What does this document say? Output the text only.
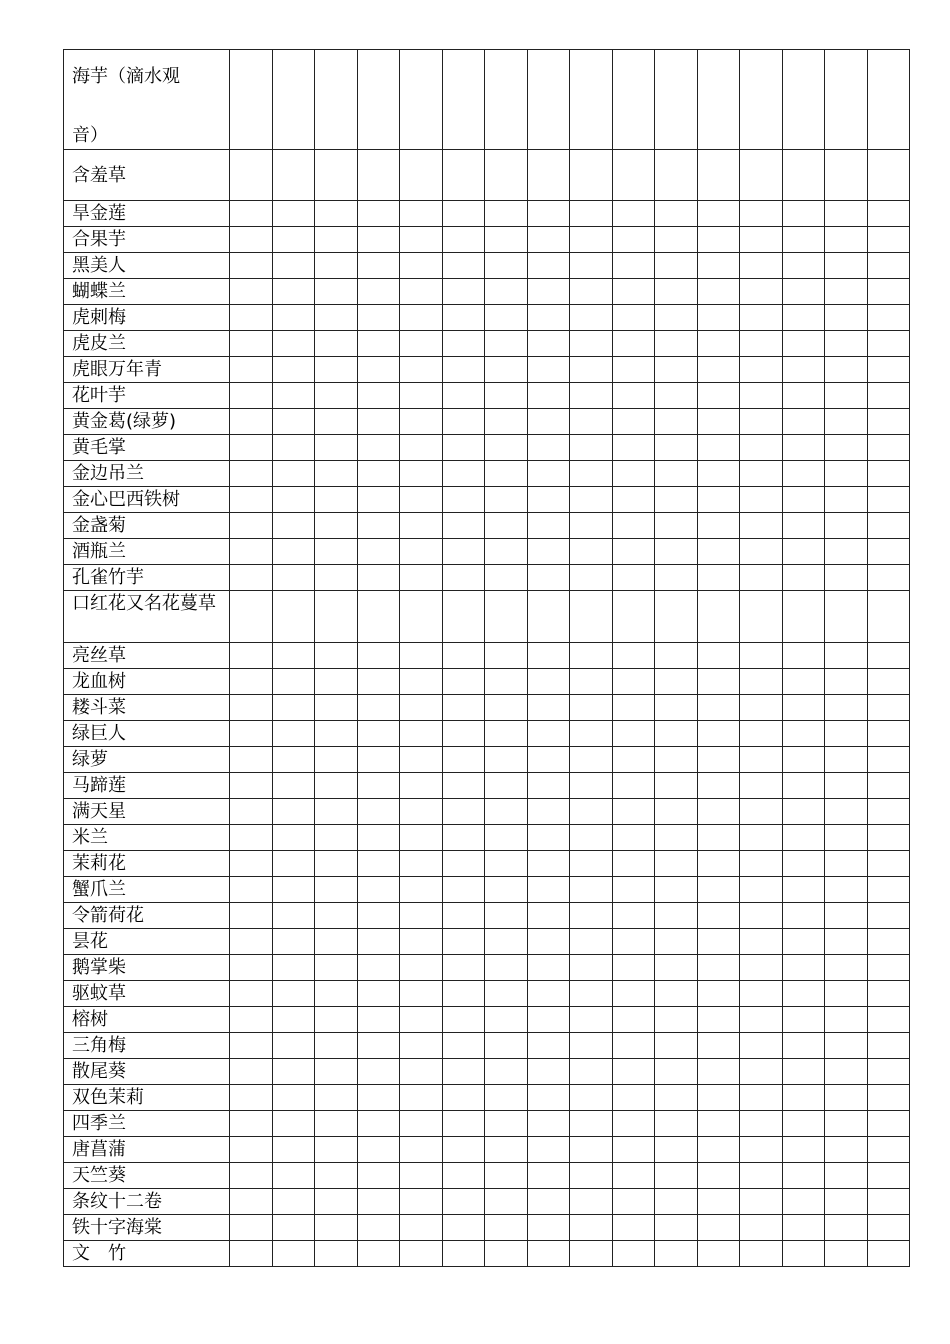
海芋（滴水观
音）																

含羞草																
旱金莲																
合果芋																
黑美人																
蝴蝶兰																
虎刺梅																
虎皮兰																
虎眼万年青																
花叶芋																
黄金葛(绿萝)																
黄毛掌																
金边吊兰																
金心巴西铁树																
金盏菊																
酒瓶兰																
孔雀竹芋																
口红花又名花蔓草																
亮丝草																
龙血树																
耧斗菜																
绿巨人																
绿萝																
马蹄莲																
满天星																
米兰																
茉莉花																
蟹爪兰																
令箭荷花																
昙花																
鹅掌柴																
驱蚊草																
榕树																
三角梅																
散尾葵																
双色茉莉																
四季兰																
唐菖蒲																
天竺葵																
条纹十二卷																
铁十字海棠																
文　竹																
